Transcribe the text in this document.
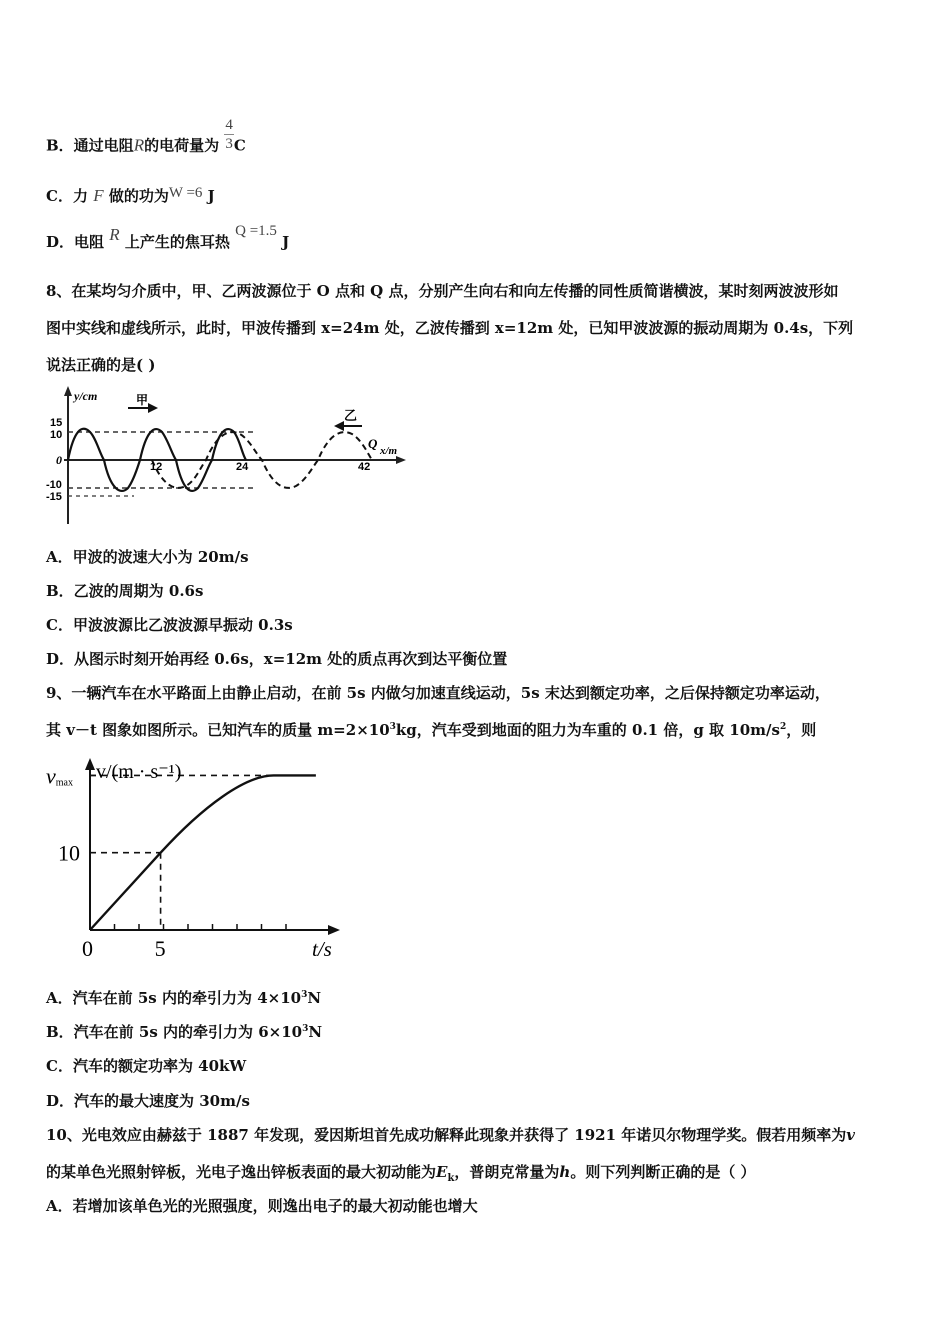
B．通过电阻R的电荷量为 $\frac{4}{3}$ C
C．力 F 做的功为W =6 J
D．电阻 R 上产生的焦耳热 Q =1.5 J
8、在某均匀介质中，甲、乙两波源位于 O 点和 Q 点，分别产生向右和向左传播的同性质简谐横波，某时刻两波波形如
图中实线和虚线所示，此时，甲波传播到 x=24m 处，乙波传播到 x=12m 处，已知甲波波源的振动周期为 0.4s，下列
说法正确的是( )
y/cm
x/m
甲
乙
Q
15
10
0
-10
-15
12	24	42
A．甲波的波速大小为 20m/s
B．乙波的周期为 0.6s
C．甲波波源比乙波波源早振动 0.3s
D．从图示时刻开始再经 0.6s，x=12m 处的质点再次到达平衡位置
9、一辆汽车在水平路面上由静止启动，在前 5s 内做匀加速直线运动，5s 末达到额定功率，之后保持额定功率运动，
其 v－t 图象如图所示。已知汽车的质量 $m=2\times 10^3kg$，汽车受到地面的阻力为车重的 0.1 倍，g 取 $10m/s^2$，则
v/(m · s⁻¹)
t/s
vmax
10
0	5
A．汽车在前 5s 内的牵引力为 $4\times 10^3N$
B．汽车在前 5s 内的牵引力为 $6\times 10^3N$
C．汽车的额定功率为 40kW
D．汽车的最大速度为 30m/s
10、光电效应由赫兹于 1887 年发现，爱因斯坦首先成功解释此现象并获得了 1921 年诺贝尔物理学奖。假若用频率为v
的某单色光照射锌板，光电子逸出锌板表面的最大初动能为$E_k$，普朗克常量为h。则下列判断正确的是（ ）
A．若增加该单色光的光照强度，则逸出电子的最大初动能也增大
